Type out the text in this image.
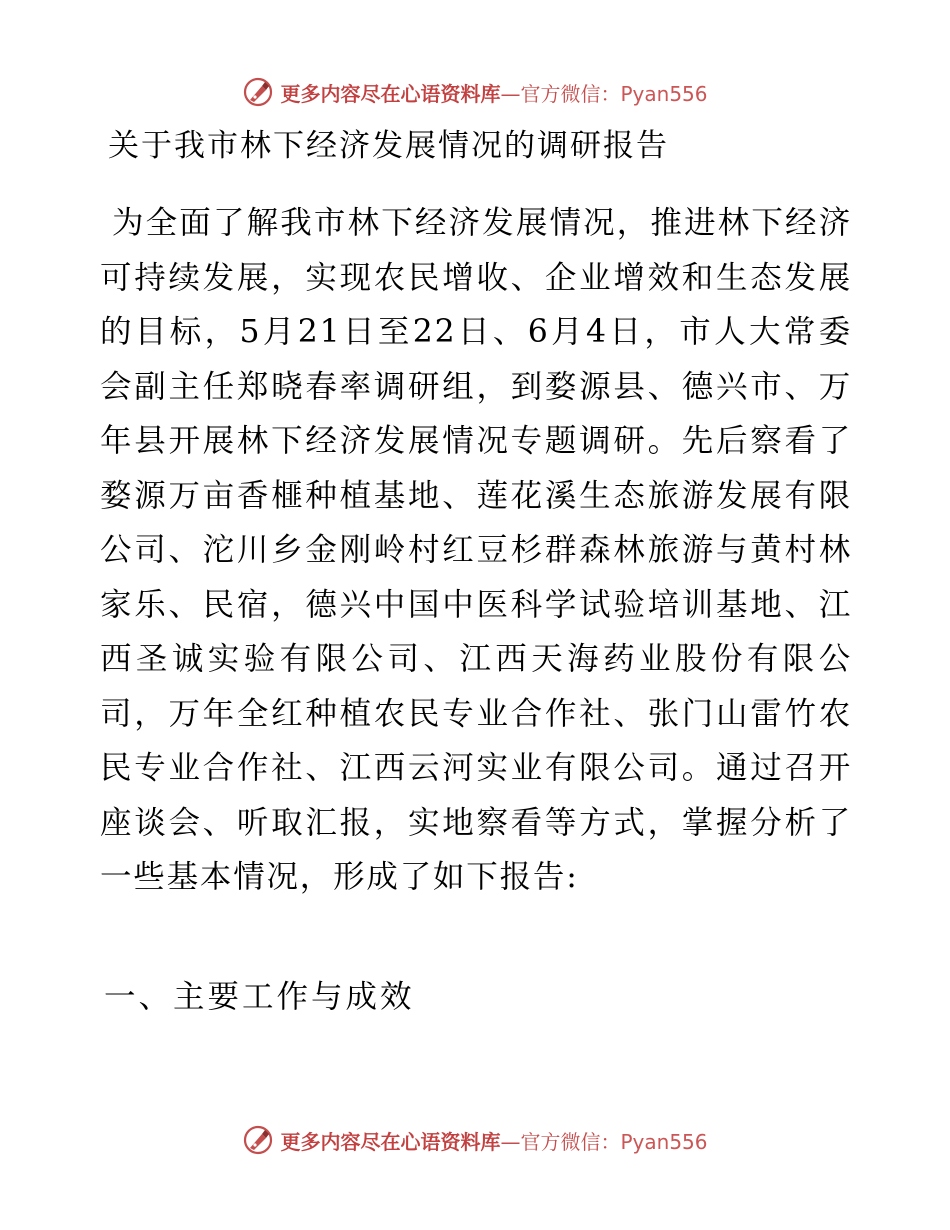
更多内容尽在心语资料库—官方微信：Pyan556
关于我市林下经济发展情况的调研报告

为全面了解我市林下经济发展情况，推进林下经济可持续发展，实现农民增收、企业增效和生态发展的目标，5月21日至22日、6月4日，市人大常委会副主任郑晓春率调研组，到婺源县、德兴市、万年县开展林下经济发展情况专题调研。先后察看了婺源万亩香榧种植基地、莲花溪生态旅游发展有限公司、沱川乡金刚岭村红豆杉群森林旅游与黄村林家乐、民宿，德兴中国中医科学试验培训基地、江西圣诚实验有限公司、江西天海药业股份有限公司，万年全红种植农民专业合作社、张门山雷竹农民专业合作社、江西云河实业有限公司。通过召开座谈会、听取汇报，实地察看等方式，掌握分析了一些基本情况，形成了如下报告:

一、主要工作与成效
更多内容尽在心语资料库—官方微信：Pyan556
